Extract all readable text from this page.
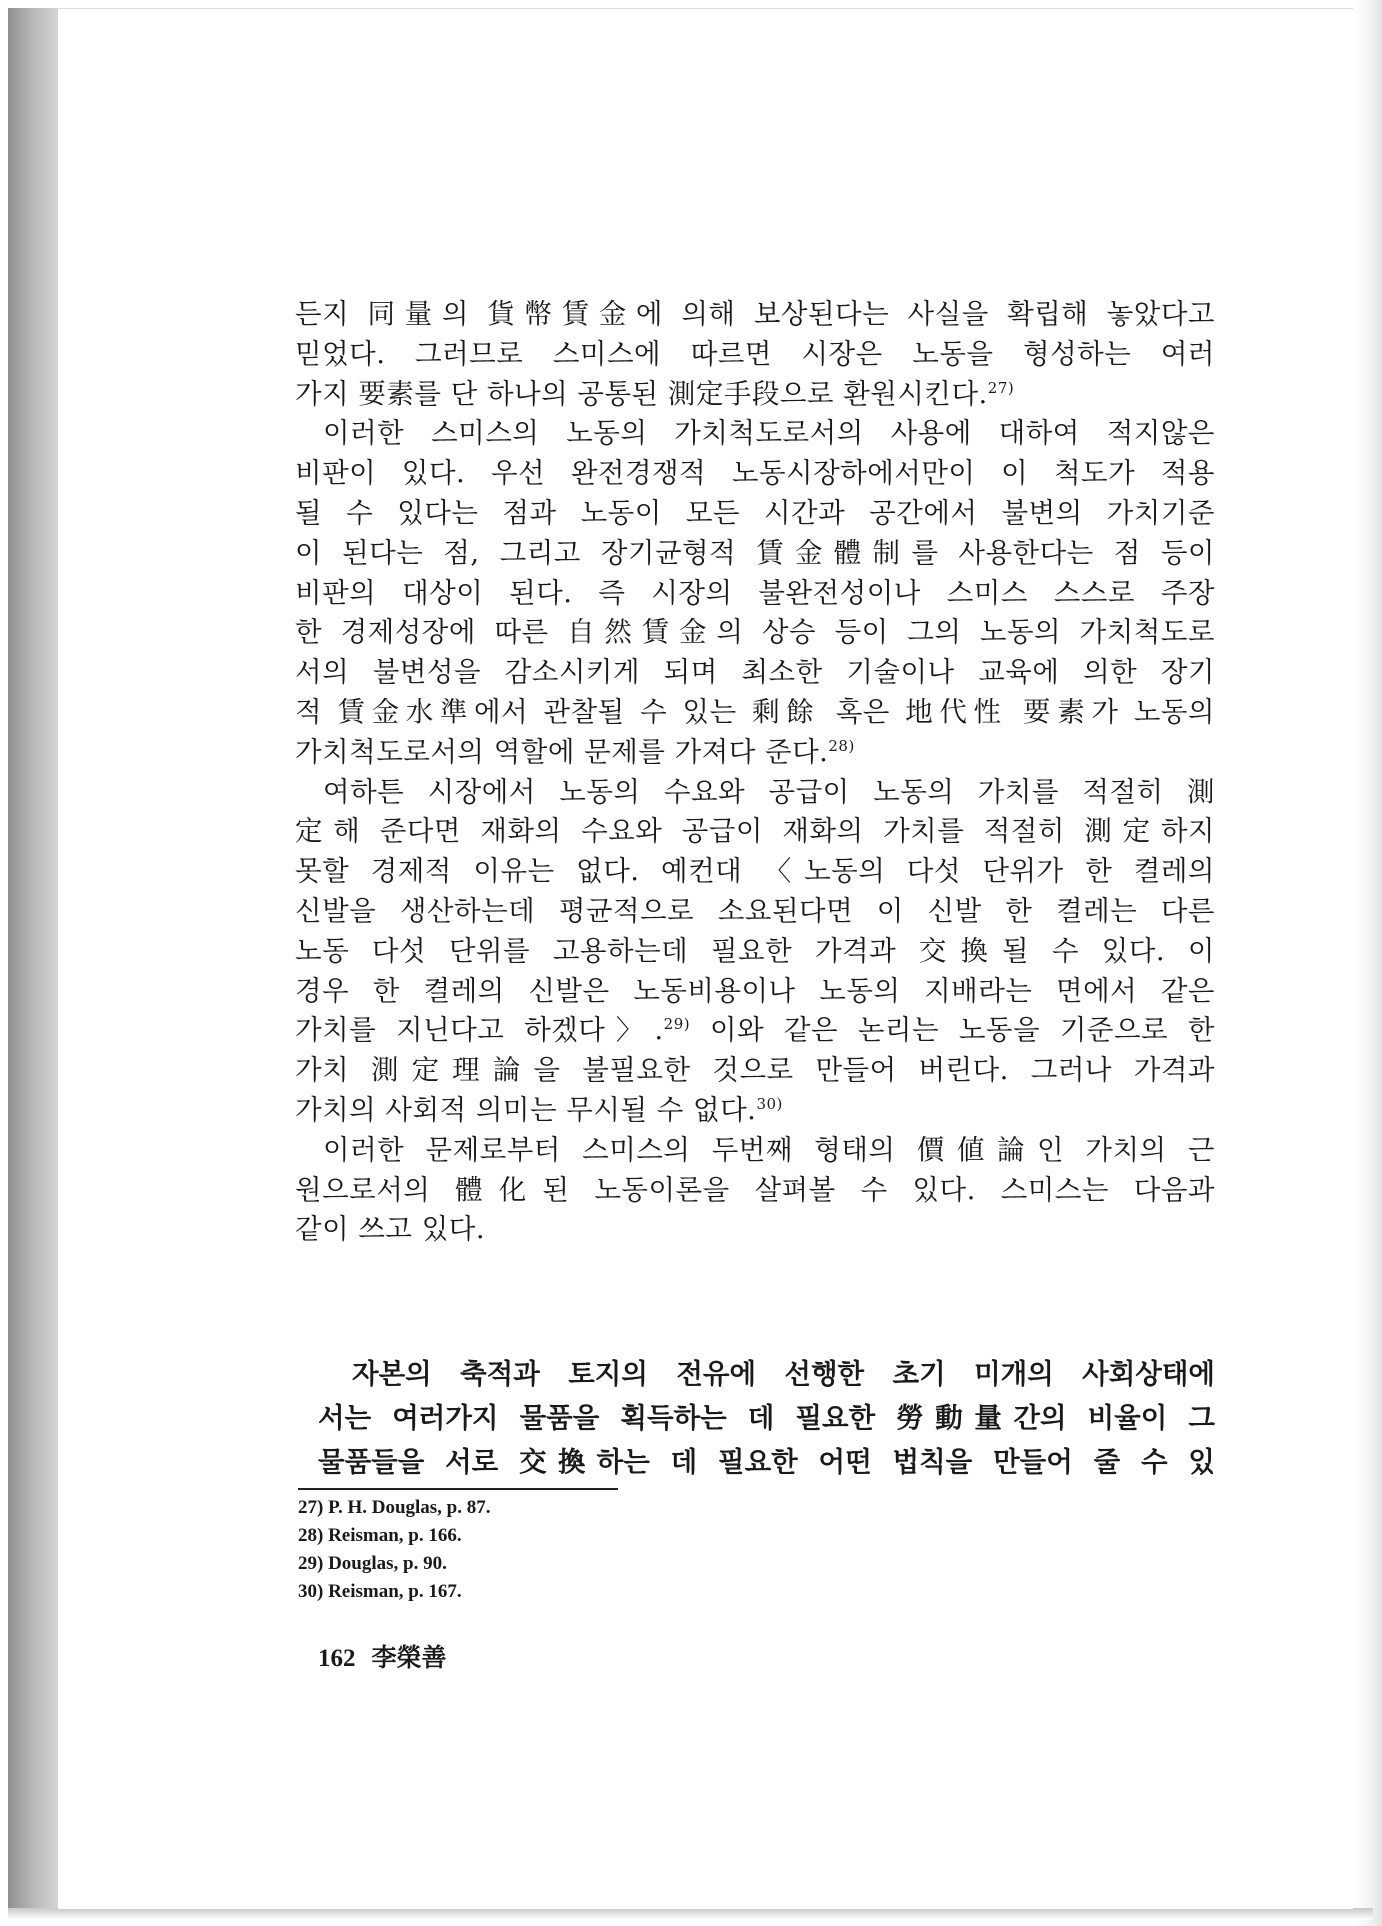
든지 同量의 貨幣賃金에 의해 보상된다는 사실을 확립해 놓았다고
믿었다. 그러므로 스미스에 따르면 시장은 노동을 형성하는 여러
가지 要素를 단 하나의 공통된 測定手段으로 환원시킨다.$^{27)}$
이러한 스미스의 노동의 가치척도로서의 사용에 대하여 적지않은
비판이 있다. 우선 완전경쟁적 노동시장하에서만이 이 척도가 적용
될 수 있다는 점과 노동이 모든 시간과 공간에서 불변의 가치기준
이 된다는 점, 그리고 장기균형적 賃金體制를 사용한다는 점 등이
비판의 대상이 된다. 즉 시장의 불완전성이나 스미스 스스로 주장
한 경제성장에 따른 自然賃金의 상승 등이 그의 노동의 가치척도로
서의 불변성을 감소시키게 되며 최소한 기술이나 교육에 의한 장기
적 賃金水準에서 관찰될 수 있는 剩餘 혹은 地代性 要素가 노동의
가치척도로서의 역할에 문제를 가져다 준다.$^{28)}$
여하튼 시장에서 노동의 수요와 공급이 노동의 가치를 적절히 測
定해 준다면 재화의 수요와 공급이 재화의 가치를 적절히 測定하지
못할 경제적 이유는 없다. 예컨대 〈노동의 다섯 단위가 한 켤레의
신발을 생산하는데 평균적으로 소요된다면 이 신발 한 켤레는 다른
노동 다섯 단위를 고용하는데 필요한 가격과 交換될 수 있다. 이
경우 한 켤레의 신발은 노동비용이나 노동의 지배라는 면에서 같은
가치를 지닌다고 하겠다〉.$^{29)}$ 이와 같은 논리는 노동을 기준으로 한
가치 測定理論을 불필요한 것으로 만들어 버린다. 그러나 가격과
가치의 사회적 의미는 무시될 수 없다.$^{30)}$
이러한 문제로부터 스미스의 두번째 형태의 價値論인 가치의 근
원으로서의 體化된 노동이론을 살펴볼 수 있다. 스미스는 다음과
같이 쓰고 있다.
자본의 축적과 토지의 전유에 선행한 초기 미개의 사회상태에
서는 여러가지 물품을 획득하는 데 필요한 勞動量간의 비율이 그
물품들을 서로 交換하는 데 필요한 어떤 법칙을 만들어 줄 수 있
27) P. H. Douglas, p. 87.
28) Reisman, p. 166.
29) Douglas, p. 90.
30) Reisman, p. 167.
162 李榮善
